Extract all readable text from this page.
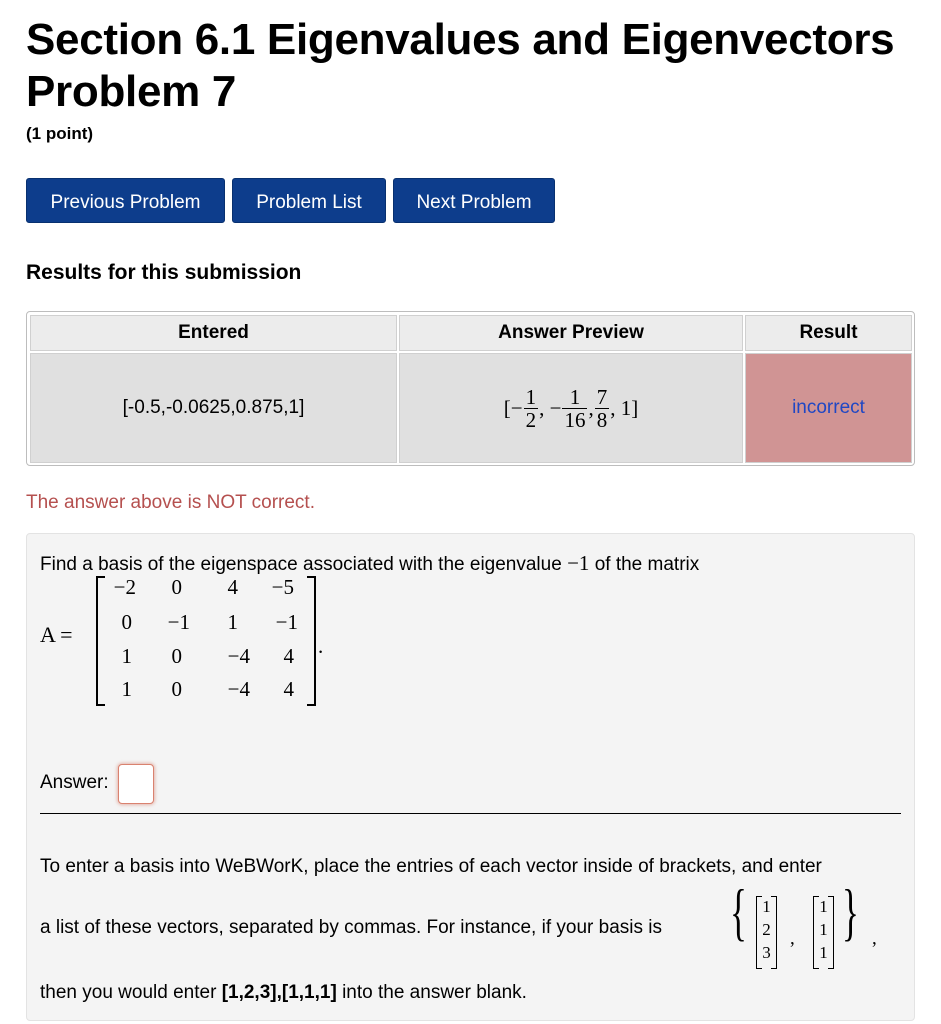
Section 6.1 Eigenvalues and Eigenvectors
Problem 7
(1 point)
Previous Problem	Problem List	Next Problem
Results for this submission
Entered	Answer Preview	Result
[-0.5,-0.0625,0.875,1]	[− $\frac{1}{2}$ , − $\frac{1}{16}$ , $\frac{7}{8}$ , 1]	incorrect
The answer above is NOT correct.
Find a basis of the eigenspace associated with the eigenvalue −1 of the matrix
A =
−2	0	4	−5
0	−1	1	−1
1	0	−4	4
1	0	−4	4
.
Answer:
To enter a basis into WeBWorK, place the entries of each vector inside of brackets, and enter
a list of these vectors, separated by commas. For instance, if your basis is { 1
2
3
,
1
1
1
} ,
then you would enter [1,2,3],[1,1,1] into the answer blank.
